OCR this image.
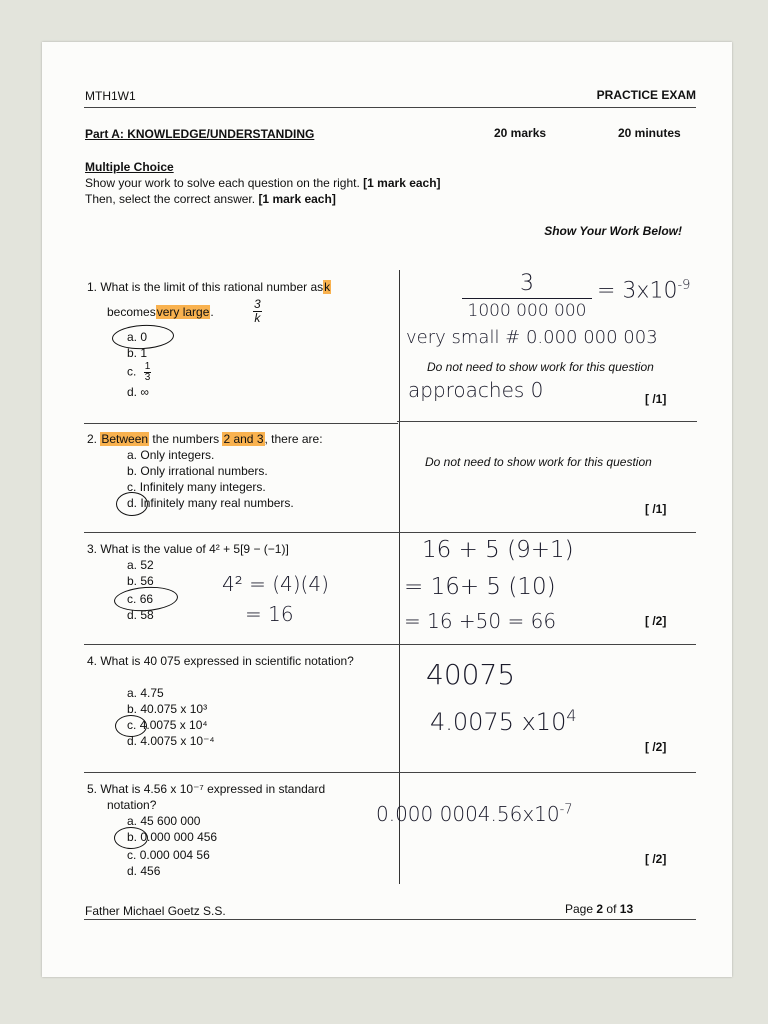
MTH1W1	PRACTICE EXAM
Part A: KNOWLEDGE/UNDERSTANDING	20 marks	20 minutes
Multiple Choice
Show your work to solve each question on the right. [1 mark each]
Then, select the correct answer. [1 mark each]
Show Your Work Below!
1. What is the limit of this rational number ask
becomesvery large.	$\frac{3}{k}$
a. 0
b. 1
c. $\frac{1}{3}$
d. ∞
3
1000 000 000
= $3x10^{-9}$
very small # 0.000 000 003
Do not need to show work for this question
approaches 0	[ /1]
2. Between the numbers 2 and 3, there are:
a. Only integers.
b. Only irrational numbers.
c. Infinitely many integers.
d. Infinitely many real numbers.
Do not need to show work for this question
[ /1]
3. What is the value of 4² + 5[9 − (−1)]
a. 52
b. 56
c. 66
d. 58
4² = (4)(4)
= 16
16 + 5 (9+1)
= 16+ 5 (10)
= 16 +50 = 66	[ /2]
4. What is 40 075 expressed in scientific notation?
a. 4.75
b. 40.075 x 10³
c. 4.0075 x 10⁴
d. 4.0075 x 10⁻⁴
40075
4.0075 $x10^4$
[ /2]
5. What is 4.56 x 10⁻⁷ expressed in standard
notation?
a. 45 600 000
b. 0.000 000 456
c. 0.000 004 56
d. 456
0.000 $0004.56x10^{-7}$
[ /2]
Father Michael Goetz S.S.	Page 2 of 13
